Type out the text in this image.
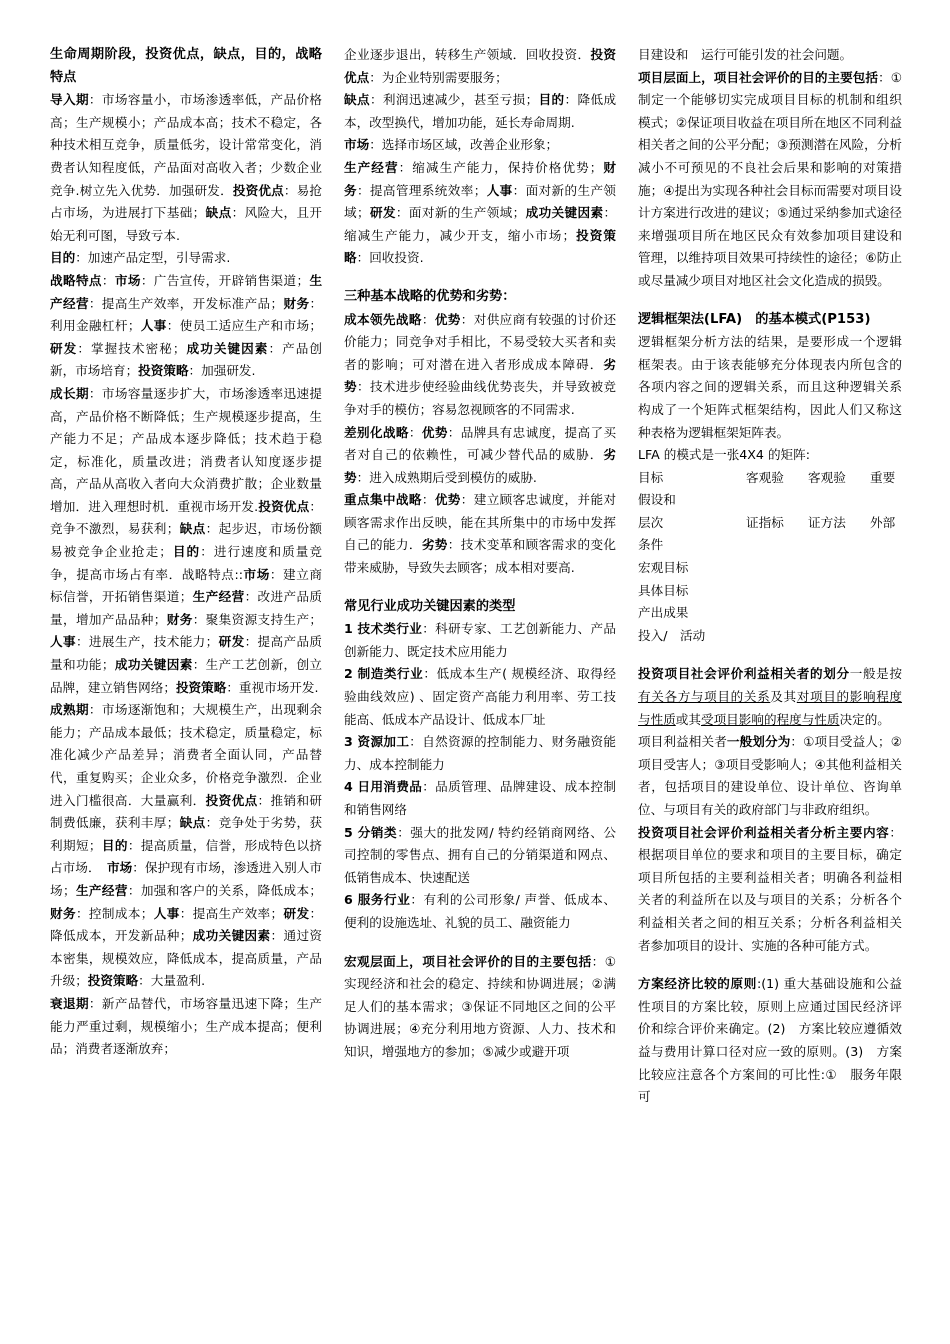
生命周期阶段，投资优点，缺点，目的，战略特点

导入期：市场容量小，市场渗透率低，产品价格高；生产规模小；产品成本高；技术不稳定，各种技术相互竞争，质量低劣，设计常常变化，消费者认知程度低，产品面对高收入者；少数企业竞争.树立先入优势．加强研发．投资优点：易抢占市场，为进展打下基础；缺点：风险大，且开始无利可图，导致亏本.
目的：加速产品定型，引导需求.
战略特点：市场：广告宣传，开辟销售渠道；生产经营：提高生产效率，开发标准产品；财务：利用金融杠杆；人事：使员工适应生产和市场；研发：掌握技术密秘；成功关键因素：产品创新，市场培育；投资策略：加强研发.

成长期：市场容量逐步扩大，市场渗透率迅速提高，产品价格不断降低；生产规模逐步提高，生产能力不足；产品成本逐步降低；技术趋于稳定，标准化，质量改进；消费者认知度逐步提高，产品从高收入者向大众消费扩散；企业数量增加．进入理想时机．重视市场开发.投资优点：竞争不激烈，易获利；缺点：起步迟，市场份额易被竞争企业抢走；目的：进行速度和质量竞争，提高市场占有率．战略特点::市场：建立商标信誉，开拓销售渠道；生产经营：改进产品质量，增加产品品种；财务：聚集资源支持生产；人事：进展生产，技术能力；研发：提高产品质量和功能；成功关键因素：生产工艺创新，创立品牌，建立销售网络；投资策略：重视市场开发.

成熟期：市场逐渐饱和；大规模生产，出现剩余能力；产品成本最低；技术稳定，质量稳定，标准化减少产品差异；消费者全面认同，产品替代，重复购买；企业众多，价格竞争激烈．企业进入门槛很高．大量赢利．投资优点：推销和研制费低廉，获利丰厚；缺点：竞争处于劣势，获利期短；目的：提高质量，信誉，形成特色以挤占市场．　市场：保护现有市场，渗透进入别人市场；生产经营：加强和客户的关系，降低成本；财务：控制成本；人事：提高生产效率；研发：降低成本，开发新品种；成功关键因素：通过资本密集，规模效应，降低成本，提高质量，产品升级；投资策略：大量盈利.

衰退期：新产品替代，市场容量迅速下降；生产能力严重过剩，规模缩小；生产成本提高；便利品；消费者逐渐放弃；

企业逐步退出，转移生产领域．回收投资．投资优点：为企业特别需要服务；
缺点：利润迅速减少，甚至亏损；目的：降低成本，改型换代，增加功能，延长寿命周期.
市场：选择市场区域，改善企业形象；
生产经营：缩减生产能力，保持价格优势；财务：提高管理系统效率；人事：面对新的生产领域；研发：面对新的生产领域；成功关键因素：缩减生产能力，减少开支，缩小市场；投资策略：回收投资.

三种基本战略的优势和劣势：

成本领先战略：优势：对供应商有较强的讨价还价能力；同竞争对手相比，不易受较大买者和卖者的影响；可对潜在进入者形成成本障碍．劣势：技术进步使经验曲线优势丧失，并导致被竞争对手的模仿；容易忽视顾客的不同需求.

差别化战略：优势：品牌具有忠诚度，提高了买者对自己的依赖性，可减少替代品的威胁．劣势：进入成熟期后受到模仿的威胁.

重点集中战略：优势：建立顾客忠诚度，并能对顾客需求作出反映，能在其所集中的市场中发挥自己的能力．劣势：技术变革和顾客需求的变化带来威胁，导致失去顾客；成本相对要高.

常见行业成功关键因素的类型

1 技术类行业：科研专家、工艺创新能力、产品创新能力、既定技术应用能力

2 制造类行业：低成本生产( 规模经济、取得经验曲线效应) 、固定资产高能力利用率、劳工技能高、低成本产品设计、低成本厂址

3 资源加工：自然资源的控制能力、财务融资能力、成本控制能力

4 日用消费品：品质管理、品牌建设、成本控制和销售网络

5 分销类：强大的批发网/ 特约经销商网络、公司控制的零售点、拥有自己的分销渠道和网点、低销售成本、快速配送

6 服务行业：有利的公司形象/ 声誉、低成本、便利的设施选址、礼貌的员工、融资能力

宏观层面上，项目社会评价的目的主要包括：①实现经济和社会的稳定、持续和协调进展；②满足人们的基本需求；③保证不同地区之间的公平协调进展；④充分利用地方资源、人力、技术和知识，增强地方的参加；⑤减少或避开项

目建设和　运行可能引发的社会问题。

项目层面上，项目社会评价的目的主要包括：①制定一个能够切实完成项目目标的机制和组织模式；②保证项目收益在项目所在地区不同利益相关者之间的公平分配；③预测潜在风险，分析减小不可预见的不良社会后果和影响的对策措施；④提出为实现各种社会目标而需要对项目设计方案进行改进的建议；⑤通过采纳参加式途径来增强项目所在地区民众有效参加项目建设和管理，以维持项目效果可持续性的途径；⑥防止或尽量减少项目对地区社会文化造成的损毁。

逻辑框架法(LFA)　的基本模式(P153)

逻辑框架分析方法的结果，是要形成一个逻辑框架表。由于该表能够充分体现表内所包含的各项内容之间的逻辑关系，而且这种逻辑关系构成了一个矩阵式框架结构，因此人们又称这种表格为逻辑框架矩阵表。

LFA 的模式是一张4X4 的矩阵:

目标	客观验	客观验	重要

假设和

层次	证指标	证方法	外部

条件

宏观目标

具体目标

产出成果

投入/　活动

投资项目社会评价利益相关者的划分一般是按有关各方与项目的关系及其对项目的影响程度与性质或其受项目影响的程度与性质决定的。

项目利益相关者一般划分为：①项目受益人；②项目受害人；③项目受影响人；④其他利益相关者，包括项目的建设单位、设计单位、咨询单位、与项目有关的政府部门与非政府组织。

投资项目社会评价利益相关者分析主要内容：根据项目单位的要求和项目的主要目标，确定项目所包括的主要利益相关者；明确各利益相关者的利益所在以及与项目的关系；分析各个利益相关者之间的相互关系；分析各利益相关者参加项目的设计、实施的各种可能方式。

方案经济比较的原则:(1) 重大基础设施和公益性项目的方案比较，原则上应通过国民经济评价和综合评价来确定。(2)　方案比较应遵循效益与费用计算口径对应一致的原则。(3)　方案比较应注意各个方案间的可比性:①　服务年限可
